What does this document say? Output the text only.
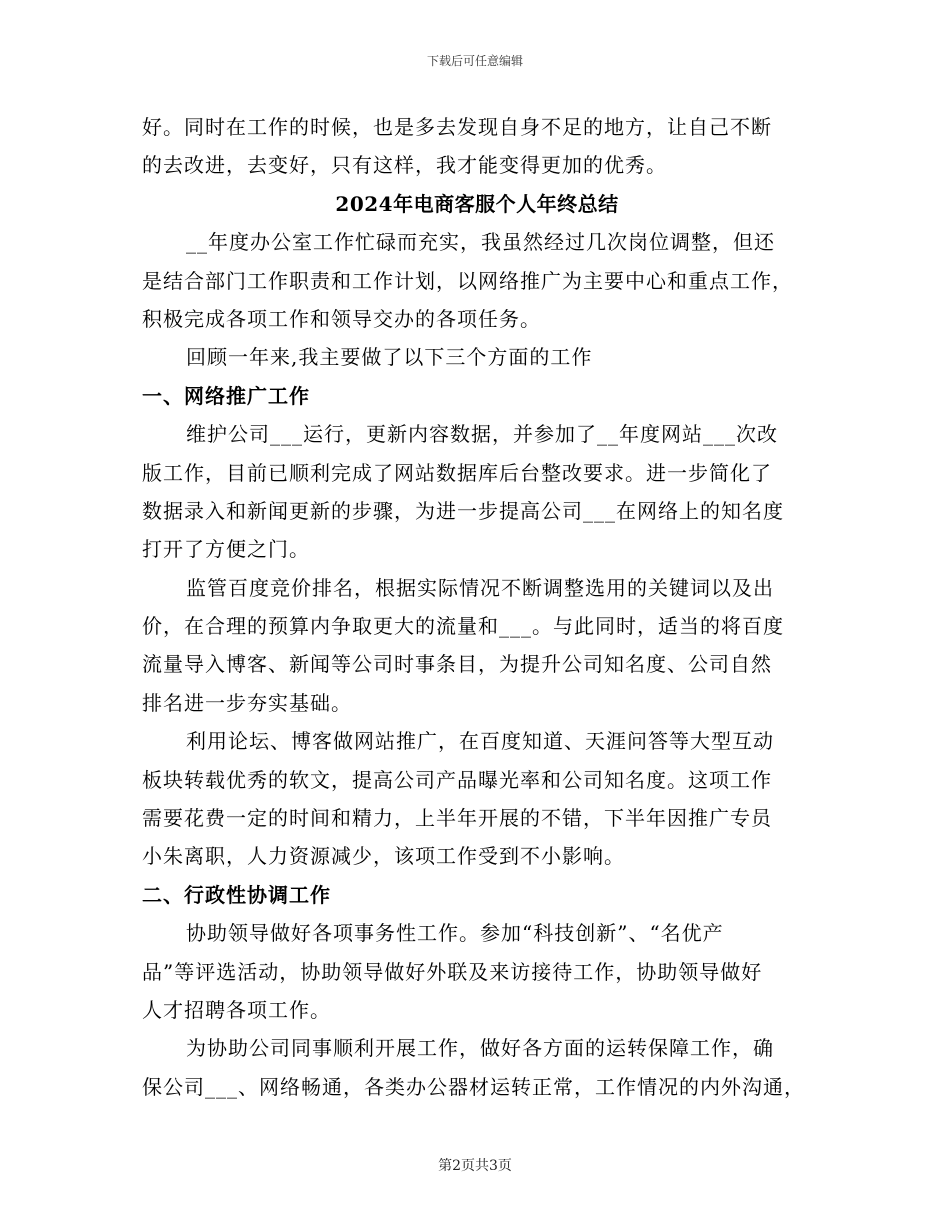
下载后可任意编辑
好。同时在工作的时候，也是多去发现自身不足的地方，让自己不断
的去改进，去变好，只有这样，我才能变得更加的优秀。
2024年电商客服个人年终总结
__年度办公室工作忙碌而充实，我虽然经过几次岗位调整，但还
是结合部门工作职责和工作计划，以网络推广为主要中心和重点工作，
积极完成各项工作和领导交办的各项任务。
回顾一年来,我主要做了以下三个方面的工作
一、网络推广工作
维护公司___运行，更新内容数据，并参加了__年度网站___次改
版工作，目前已顺利完成了网站数据库后台整改要求。进一步简化了
数据录入和新闻更新的步骤，为进一步提高公司___在网络上的知名度
打开了方便之门。
监管百度竞价排名，根据实际情况不断调整选用的关键词以及出
价，在合理的预算内争取更大的流量和___。与此同时，适当的将百度
流量导入博客、新闻等公司时事条目，为提升公司知名度、公司自然
排名进一步夯实基础。
利用论坛、博客做网站推广，在百度知道、天涯问答等大型互动
板块转载优秀的软文，提高公司产品曝光率和公司知名度。这项工作
需要花费一定的时间和精力，上半年开展的不错，下半年因推广专员
小朱离职，人力资源减少，该项工作受到不小影响。
二、行政性协调工作
协助领导做好各项事务性工作。参加“科技创新”、“名优产
品”等评选活动，协助领导做好外联及来访接待工作，协助领导做好
人才招聘各项工作。
为协助公司同事顺利开展工作，做好各方面的运转保障工作，确
保公司___、网络畅通，各类办公器材运转正常，工作情况的内外沟通，
第2页共3页
